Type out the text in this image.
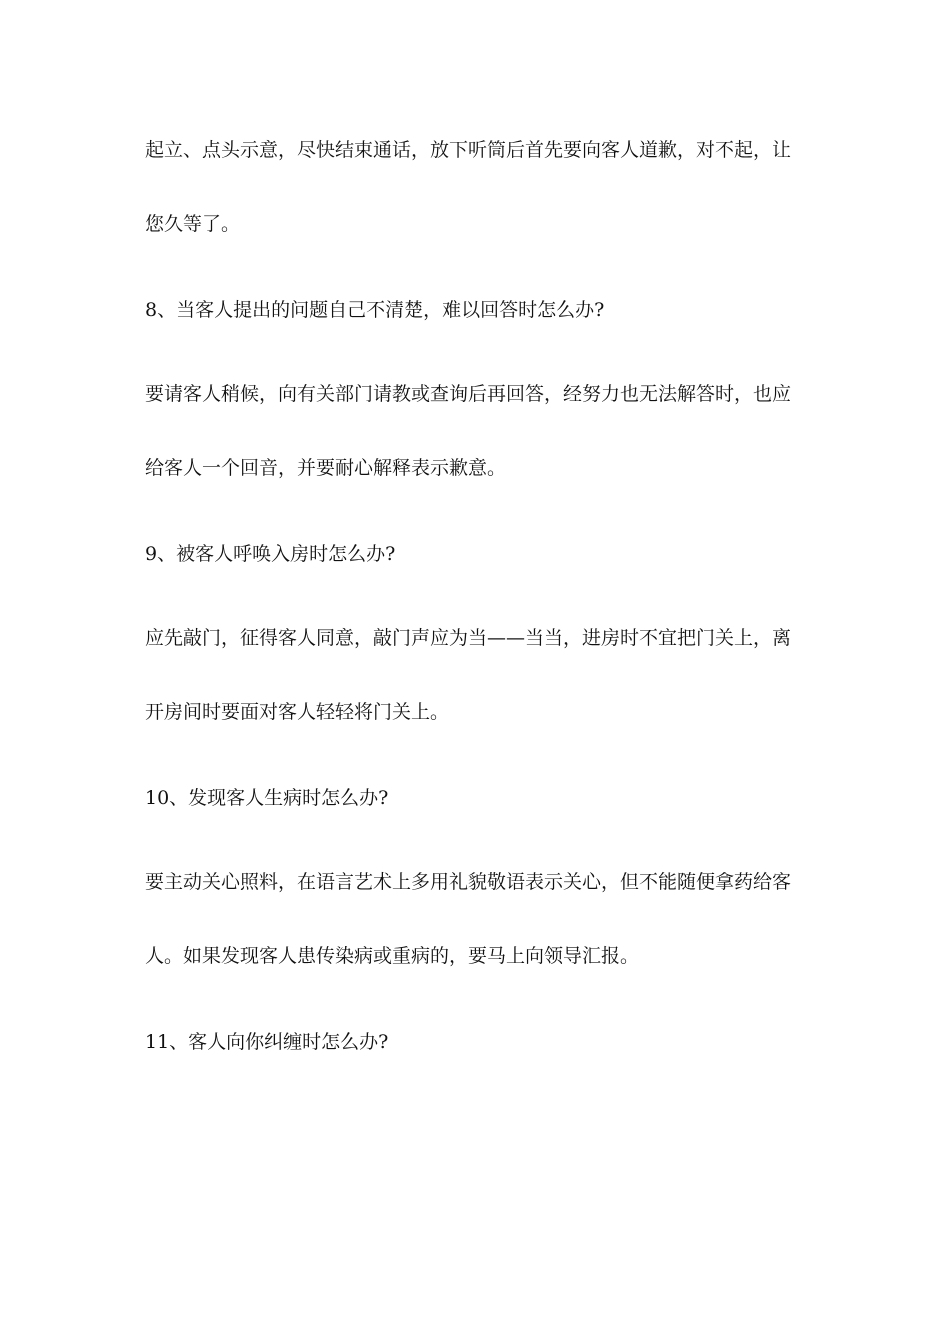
起立、点头示意，尽快结束通话，放下听筒后首先要向客人道歉，对不起，让
您久等了。
8、当客人提出的问题自己不清楚，难以回答时怎么办?
要请客人稍候，向有关部门请教或查询后再回答，经努力也无法解答时，也应
给客人一个回音，并要耐心解释表示歉意。
9、被客人呼唤入房时怎么办?
应先敲门，征得客人同意，敲门声应为当——当当，进房时不宜把门关上，离
开房间时要面对客人轻轻将门关上。
10、发现客人生病时怎么办?
要主动关心照料，在语言艺术上多用礼貌敬语表示关心，但不能随便拿药给客
人。如果发现客人患传染病或重病的，要马上向领导汇报。
11、客人向你纠缠时怎么办?
